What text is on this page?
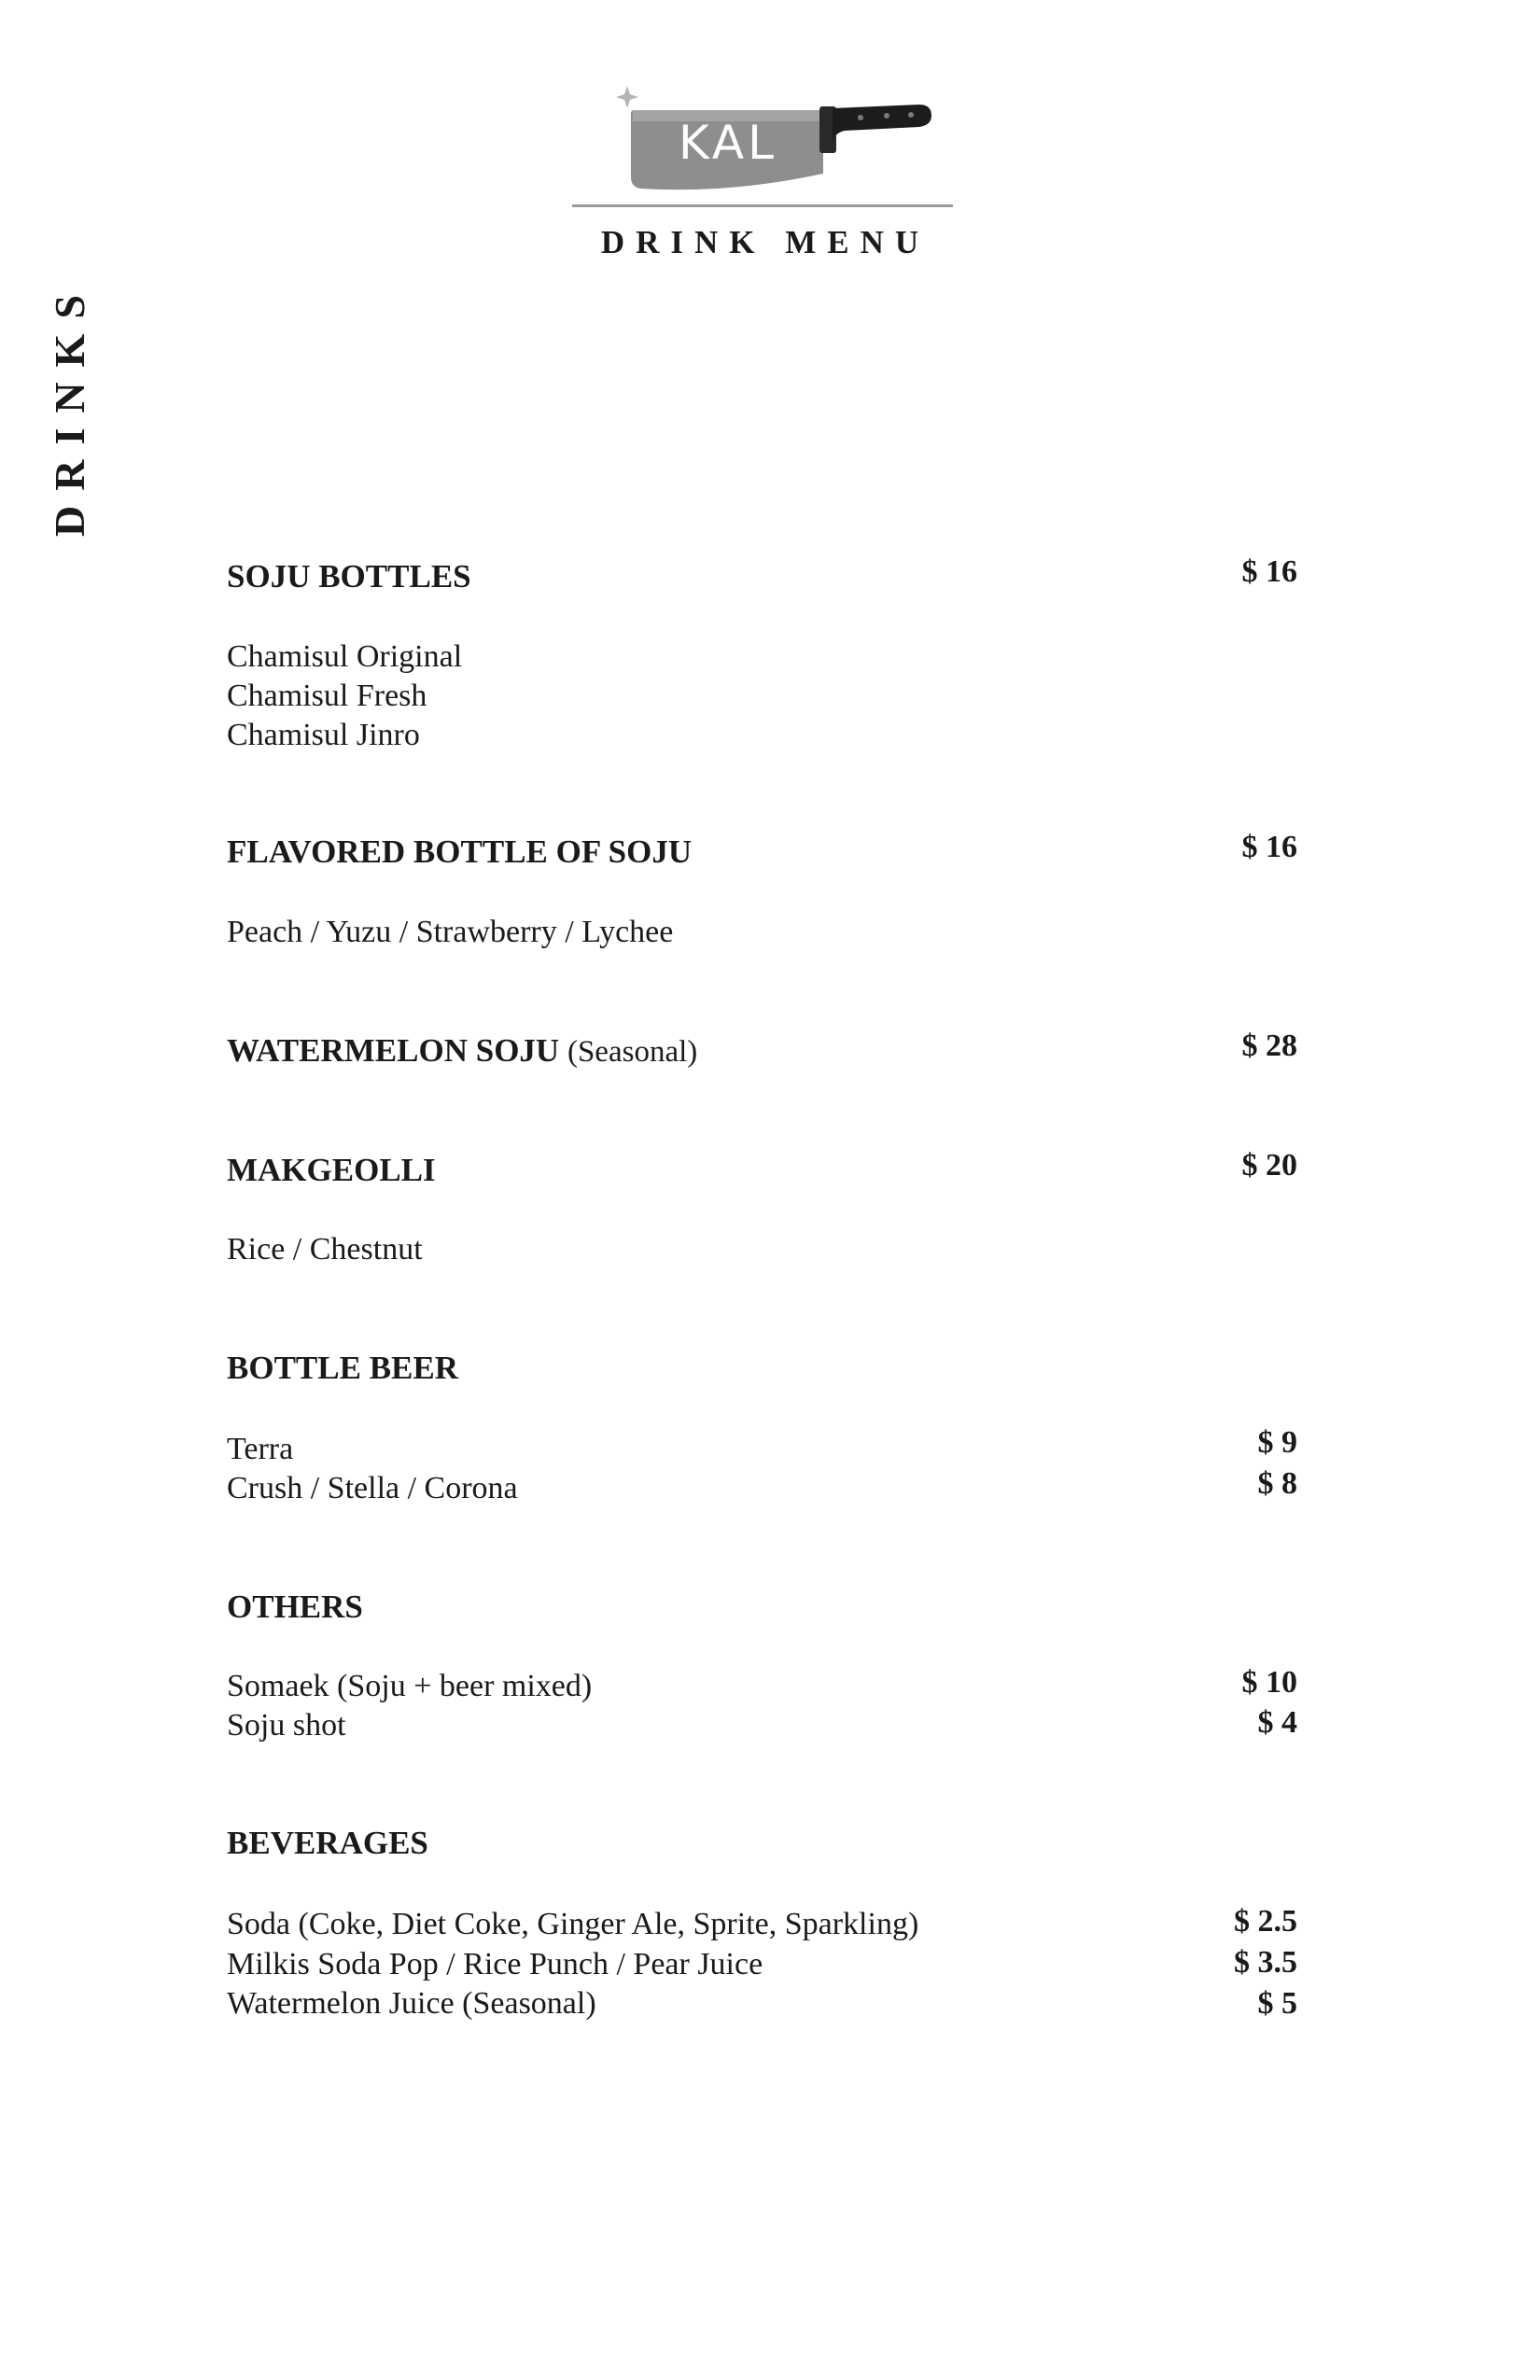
KAL
DRINK MENU
DRINKS
SOJU BOTTLES	$ 16
Chamisul Original
Chamisul Fresh
Chamisul Jinro
FLAVORED BOTTLE OF SOJU	$ 16
Peach / Yuzu / Strawberry / Lychee
WATERMELON SOJU (Seasonal)	$ 28
MAKGEOLLI	$ 20
Rice / Chestnut
BOTTLE BEER
Terra	$ 9
Crush / Stella / Corona	$ 8
OTHERS
Somaek (Soju + beer mixed)	$ 10
Soju shot	$ 4
BEVERAGES
Soda (Coke, Diet Coke, Ginger Ale, Sprite, Sparkling)	$ 2.5
Milkis Soda Pop / Rice Punch / Pear Juice	$ 3.5
Watermelon Juice (Seasonal)	$ 5
